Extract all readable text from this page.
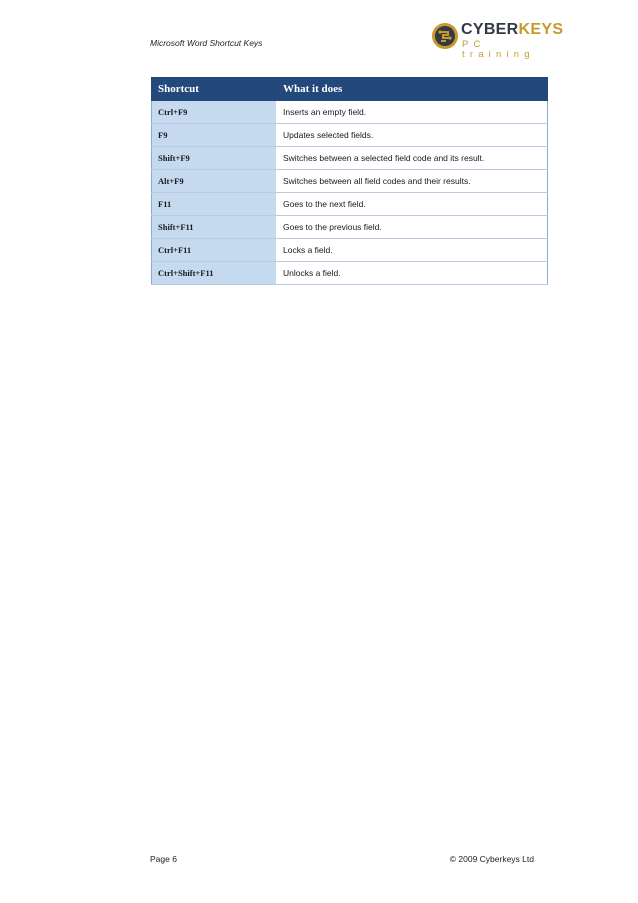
Microsoft Word Shortcut Keys
CYBERKEYS
PC training
Shortcut	What it does
Ctrl+F9	Inserts an empty field.
F9	Updates selected fields.
Shift+F9	Switches between a selected field code and its result.
Alt+F9	Switches between all field codes and their results.
F11	Goes to the next field.
Shift+F11	Goes to the previous field.
Ctrl+F11	Locks a field.
Ctrl+Shift+F11	Unlocks a field.
Page 6	© 2009 Cyberkeys Ltd
